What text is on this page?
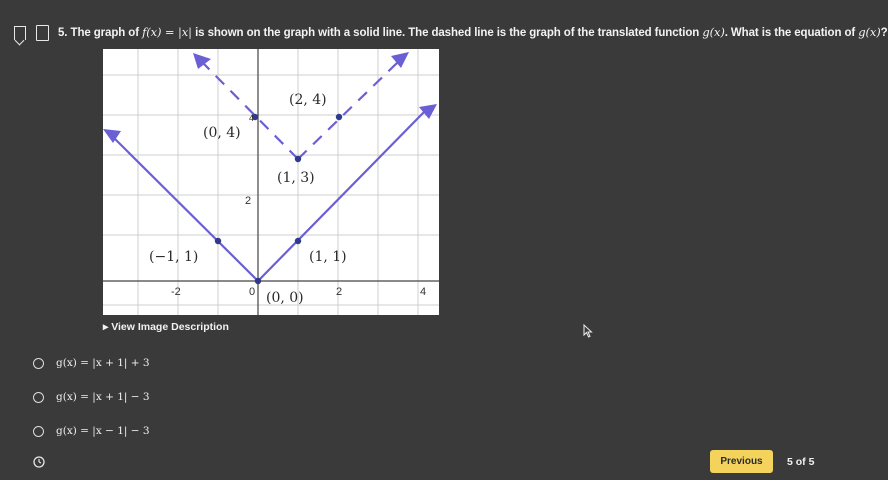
5. The graph of f(x) = |x| is shown on the graph with a solid line. The dashed line is the graph of the translated function g(x). What is the equation of g(x)?
-2	0	2	4
2
4
(2, 4)
(0, 4)
(1, 3)
(−1, 1)	(1, 1)
(0, 0)
▸ View Image Description
g(x) = |x + 1| + 3
g(x) = |x + 1| − 3
g(x) = |x − 1| − 3
Previous	5 of 5
